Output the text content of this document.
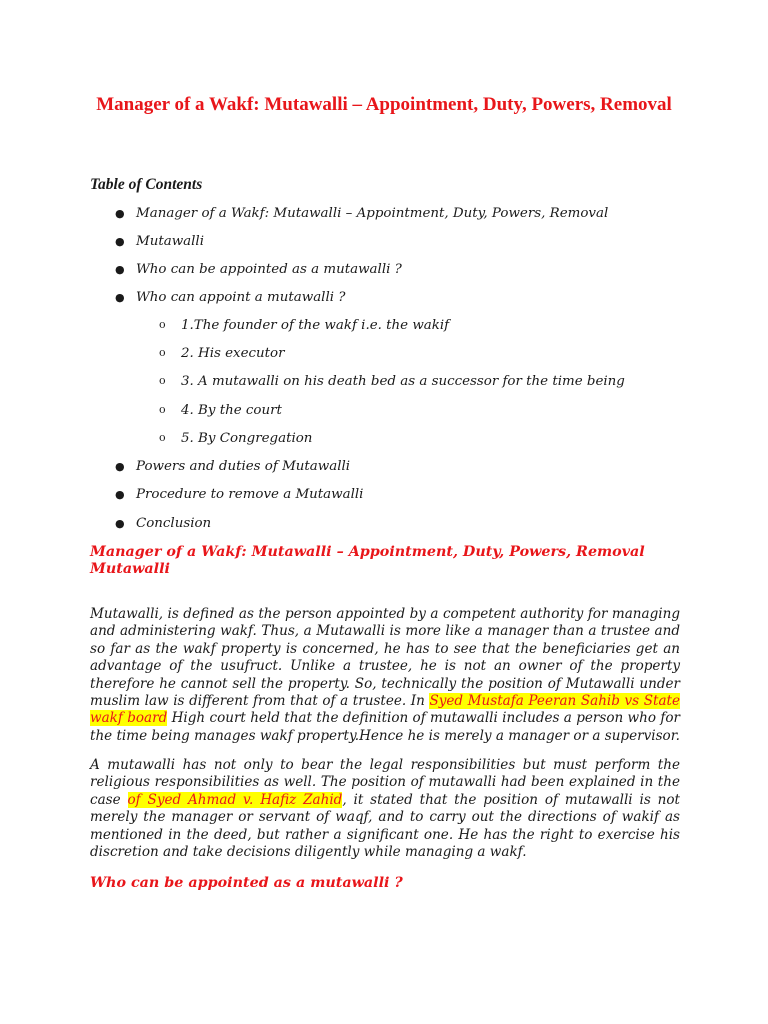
Manager of a Wakf: Mutawalli – Appointment, Duty, Powers, Removal
Table of Contents
● Manager of a Wakf: Mutawalli – Appointment, Duty, Powers, Removal
● Mutawalli
● Who can be appointed as a mutawalli ?
● Who can appoint a mutawalli ?
o 1.The founder of the wakf i.e. the wakif
o 2. His executor
o 3. A mutawalli on his death bed as a successor for the time being
o 4. By the court
o 5. By Congregation
● Powers and duties of Mutawalli
● Procedure to remove a Mutawalli
● Conclusion
Manager of a Wakf: Mutawalli – Appointment, Duty, Powers, Removal
Mutawalli
Mutawalli, is defined as the person appointed by a competent authority for managing and administering wakf. Thus, a Mutawalli is more like a manager than a trustee and so far as the wakf property is concerned, he has to see that the beneficiaries get an advantage of the usufruct. Unlike a trustee, he is not an owner of the property therefore he cannot sell the property. So, technically the position of Mutawalli under muslim law is different from that of a trustee. In Syed Mustafa Peeran Sahib vs State wakf board High court held that the definition of mutawalli includes a person who for the time being manages wakf property.Hence he is merely a manager or a supervisor.
A mutawalli has not only to bear the legal responsibilities but must perform the religious responsibilities as well. The position of mutawalli had been explained in the case of Syed Ahmad v. Hafiz Zahid, it stated that the position of mutawalli is not merely the manager or servant of waqf, and to carry out the directions of wakif as mentioned in the deed, but rather a significant one. He has the right to exercise his discretion and take decisions diligently while managing a wakf.
Who can be appointed as a mutawalli ?
